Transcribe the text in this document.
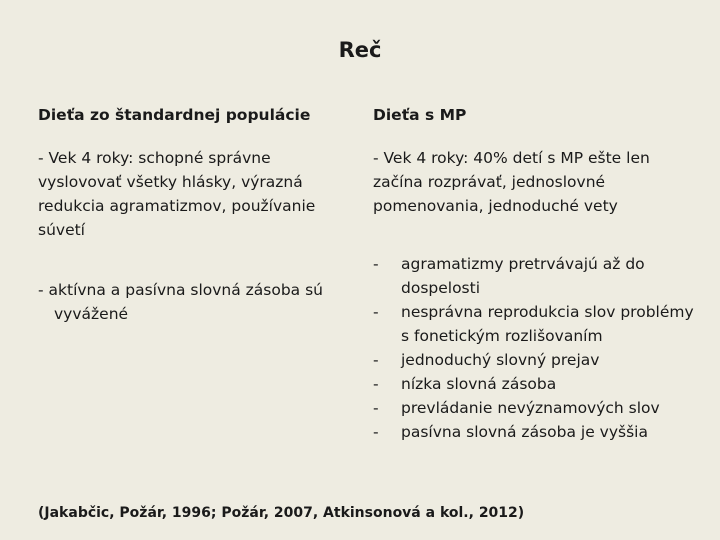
Reč
Dieťa zo štandardnej populácie
- Vek 4 roky: schopné správne vyslovovať všetky hlásky, výrazná redukcia agramatizmov, používanie súvetí
- aktívna a pasívna slovná zásoba sú vyvážené
Dieťa s MP
- Vek 4 roky: 40% detí s MP ešte len začína rozprávať, jednoslovné pomenovania, jednoduché vety
-	agramatizmy pretrvávajú až do dospelosti
-	nesprávna reprodukcia slov problémy s fonetickým rozlišovaním
-	jednoduchý slovný prejav
-	nízka slovná zásoba
-	prevládanie nevýznamových slov
-	pasívna slovná zásoba je vyššia
(Jakabčic, Požár, 1996; Požár, 2007, Atkinsonová a kol., 2012)
